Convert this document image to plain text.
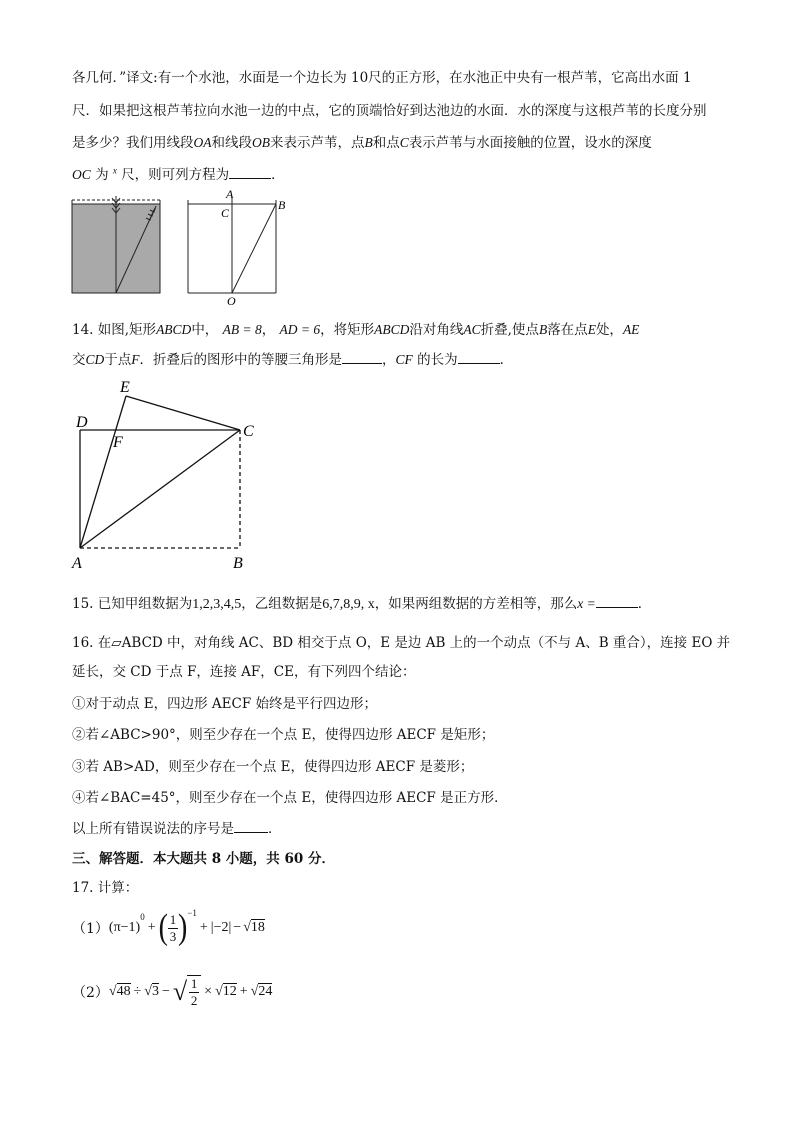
各几何．”译文:有一个水池，水面是一个边长为 10尺的正方形，在水池正中央有一根芦苇，它高出水面 1
尺．如果把这根芦苇拉向水池一边的中点，它的顶端恰好到达池边的水面．水的深度与这根芦苇的长度分别
是多少？我们用线段OA和线段OB来表示芦苇，点B和点C表示芦苇与水面接触的位置，设水的深度
OC 为 $^x$ 尺，则可列方程为	．
A
C
B
O
14. 如图,矩形ABCD中， AB = 8， AD = 6，将矩形ABCD沿对角线AC折叠,使点B落在点E处，AE
交CD于点F．折叠后的图形中的等腰三角形是	，CF 的长为	．
E
D
F
C
A	B
15. 已知甲组数据为1,2,3,4,5，乙组数据是6,7,8,9, x，如果两组数据的方差相等，那么x =	．
16. 在▱ABCD 中，对角线 AC、BD 相交于点 O，E 是边 AB 上的一个动点（不与 A、B 重合），连接 EO 并
延长，交 CD 于点 F，连接 AF，CE，有下列四个结论：
①对于动点 E，四边形 AECF 始终是平行四边形；
②若∠ABC>90°，则至少存在一个点 E，使得四边形 AECF 是矩形；
③若 AB>AD，则至少存在一个点 E，使得四边形 AECF 是菱形；
④若∠BAC=45°，则至少存在一个点 E，使得四边形 AECF 是正方形．
以上所有错误说法的序号是	．
三、解答题．本大题共 8 小题，共 60 分．
17. 计算：
（1） (π−1)
$^0$
+ ( 1
3 )$^{-1}$
+ |−2| − √18
（2） √48 ÷ √3 − √ 1
2
× √12 + √24
